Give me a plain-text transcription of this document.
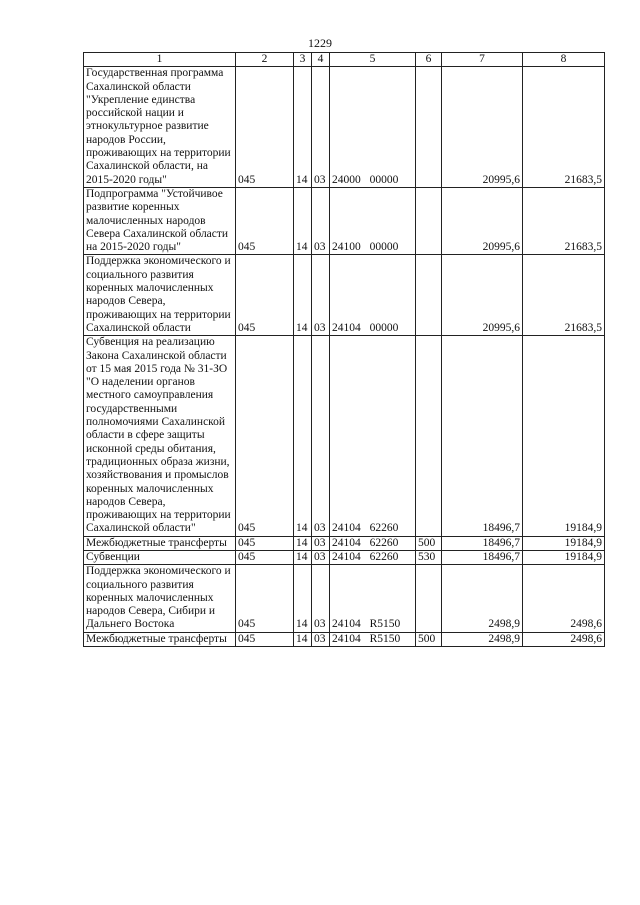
1229
1	2	3	4	5	6	7	8
Государственная программа Сахалинской области "Укрепление единства российской нации и этнокультурное развитие народов России, проживающих на территории Сахалинской области, на 2015-2020 годы"	045	14	03	24000 00000		20995,6	21683,5
Подпрограмма "Устойчивое развитие коренных малочисленных народов Севера Сахалинской области на 2015-2020 годы"	045	14	03	24100 00000		20995,6	21683,5
Поддержка экономического и социального развития коренных малочисленных народов Севера, проживающих на территории Сахалинской области	045	14	03	24104 00000		20995,6	21683,5
Субвенция на реализацию Закона Сахалинской области от 15 мая 2015 года № 31-ЗО "О наделении органов местного самоуправления государственными полномочиями Сахалинской области в сфере защиты исконной среды обитания, традиционных образа жизни, хозяйствования и промыслов коренных малочисленных народов Севера, проживающих на территории Сахалинской области"	045	14	03	24104 62260		18496,7	19184,9
Межбюджетные трансферты	045	14	03	24104 62260	500	18496,7	19184,9
Субвенции	045	14	03	24104 62260	530	18496,7	19184,9
Поддержка экономического и социального развития коренных малочисленных народов Севера, Сибири и Дальнего Востока	045	14	03	24104 R5150		2498,9	2498,6
Межбюджетные трансферты	045	14	03	24104 R5150	500	2498,9	2498,6
